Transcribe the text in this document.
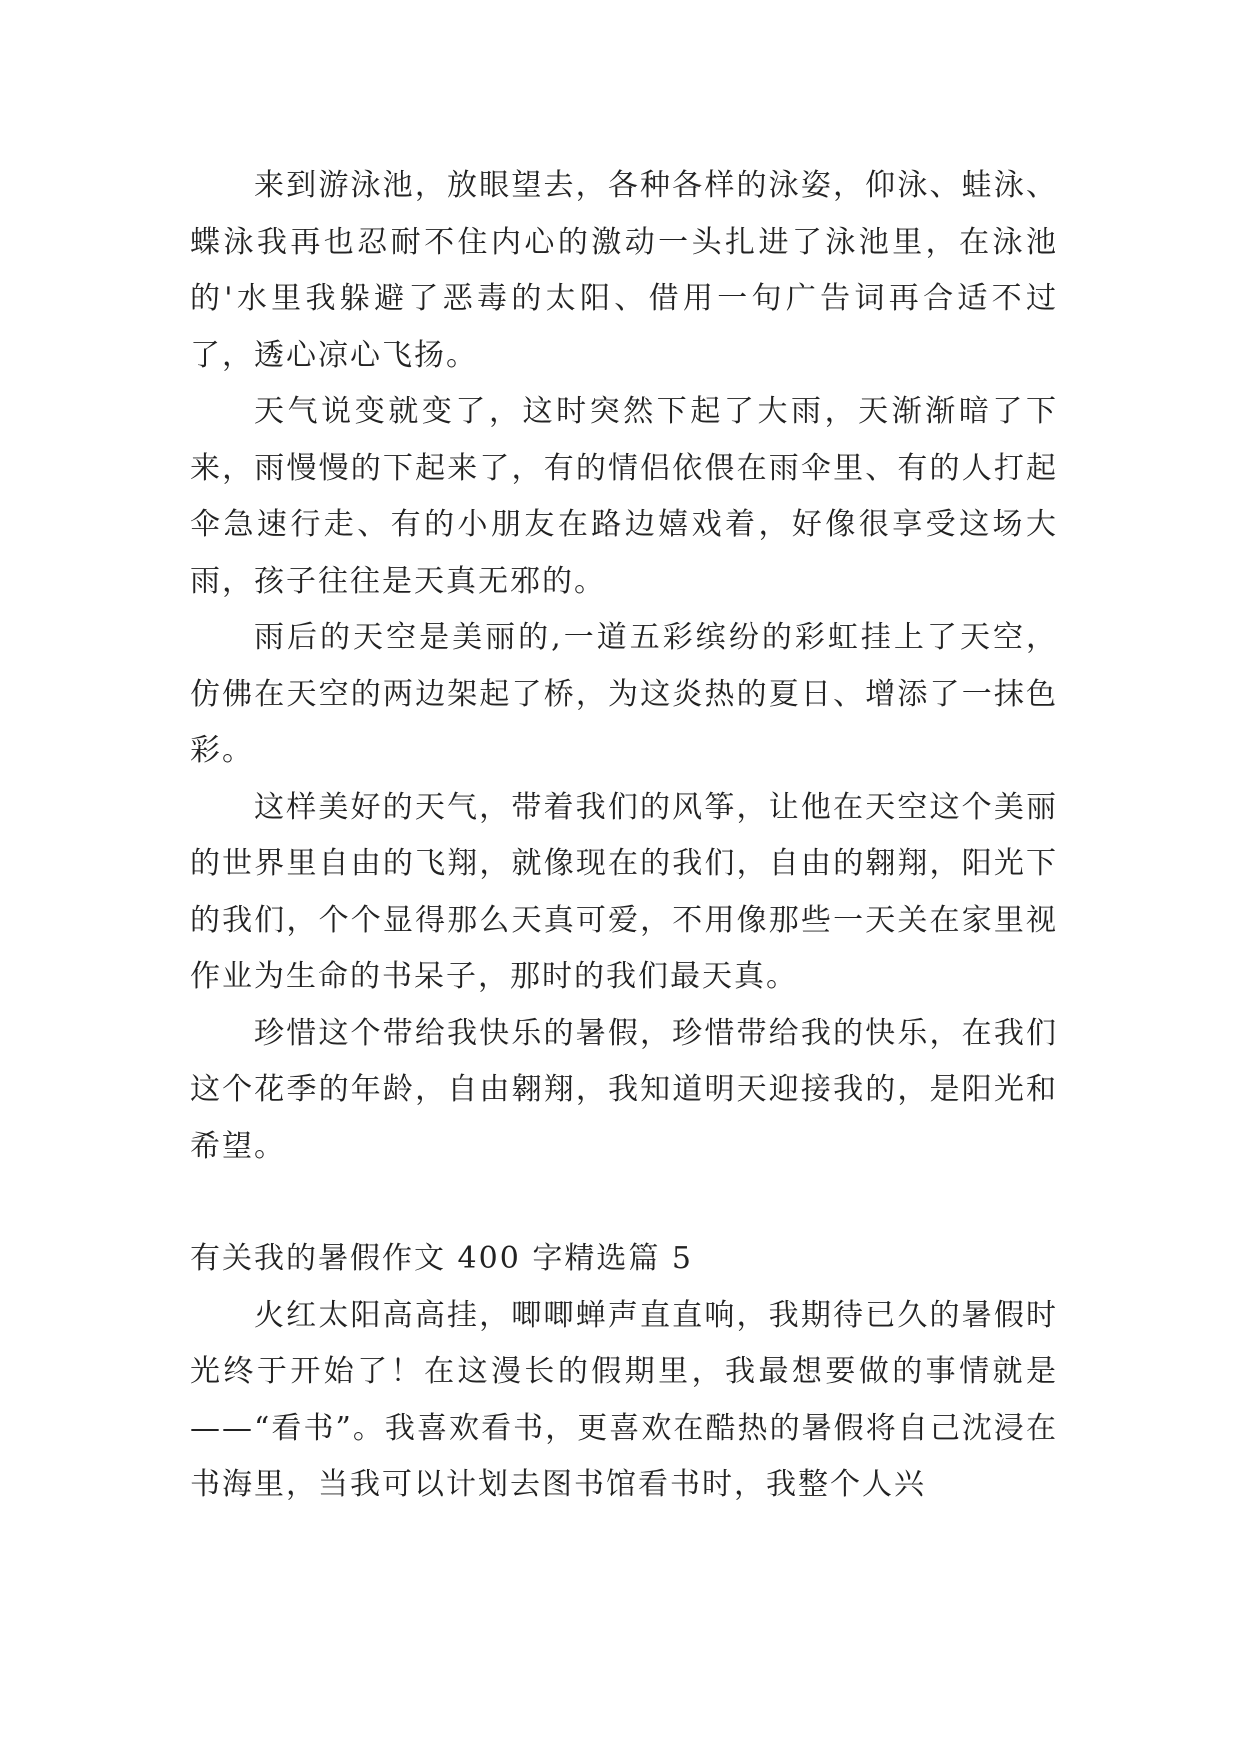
来到游泳池，放眼望去，各种各样的泳姿，仰泳、蛙泳、蝶泳我再也忍耐不住内心的激动一头扎进了泳池里，在泳池的'水里我躲避了恶毒的太阳、借用一句广告词再合适不过了，透心凉心飞扬。

天气说变就变了，这时突然下起了大雨，天渐渐暗了下来，雨慢慢的下起来了，有的情侣依偎在雨伞里、有的人打起伞急速行走、有的小朋友在路边嬉戏着，好像很享受这场大雨，孩子往往是天真无邪的。

雨后的天空是美丽的,一道五彩缤纷的彩虹挂上了天空，仿佛在天空的两边架起了桥，为这炎热的夏日、增添了一抹色彩。

这样美好的天气，带着我们的风筝，让他在天空这个美丽的世界里自由的飞翔，就像现在的我们，自由的翱翔，阳光下的我们，个个显得那么天真可爱，不用像那些一天关在家里视作业为生命的书呆子，那时的我们最天真。

珍惜这个带给我快乐的暑假，珍惜带给我的快乐，在我们这个花季的年龄，自由翱翔，我知道明天迎接我的，是阳光和希望。

有关我的暑假作文 400 字精选篇 5

火红太阳高高挂，唧唧蝉声直直响，我期待已久的暑假时光终于开始了！在这漫长的假期里，我最想要做的事情就是——“看书”。我喜欢看书，更喜欢在酷热的暑假将自己沈浸在书海里，当我可以计划去图书馆看书时，我整个人兴
